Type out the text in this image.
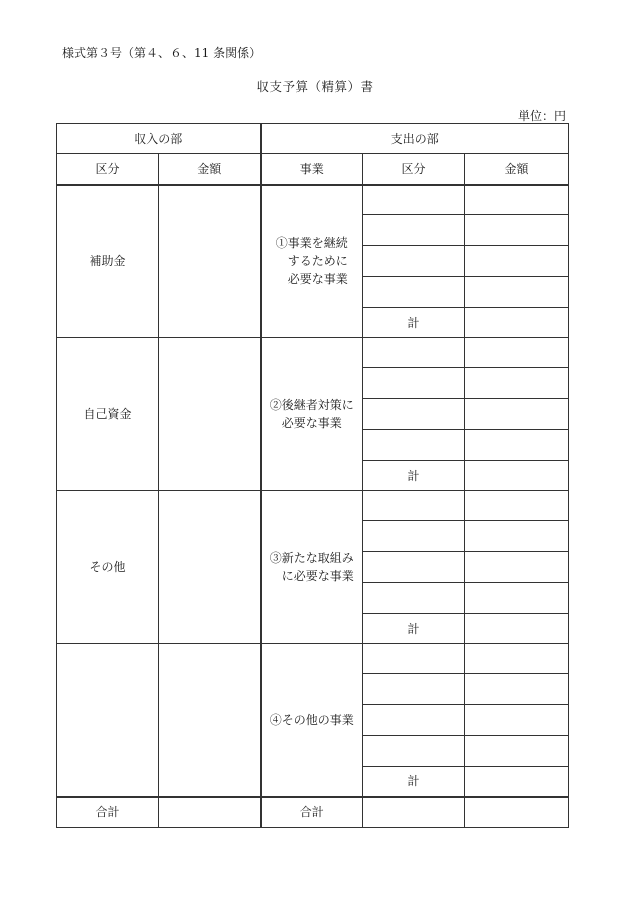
様式第３号（第４、６、11 条関係）
収支予算（精算）書
単位：円
収入の部		支出の部		
区分	金額	事業	区分	金額
補助金		①事業を継続
　するために
　必要な事業		

			計	
自己資金		②後継者対策に
　必要な事業		

			計	
その他		③新たな取組み
　に必要な事業		

			計	
		④その他の事業		

			計	
合計		合計		
